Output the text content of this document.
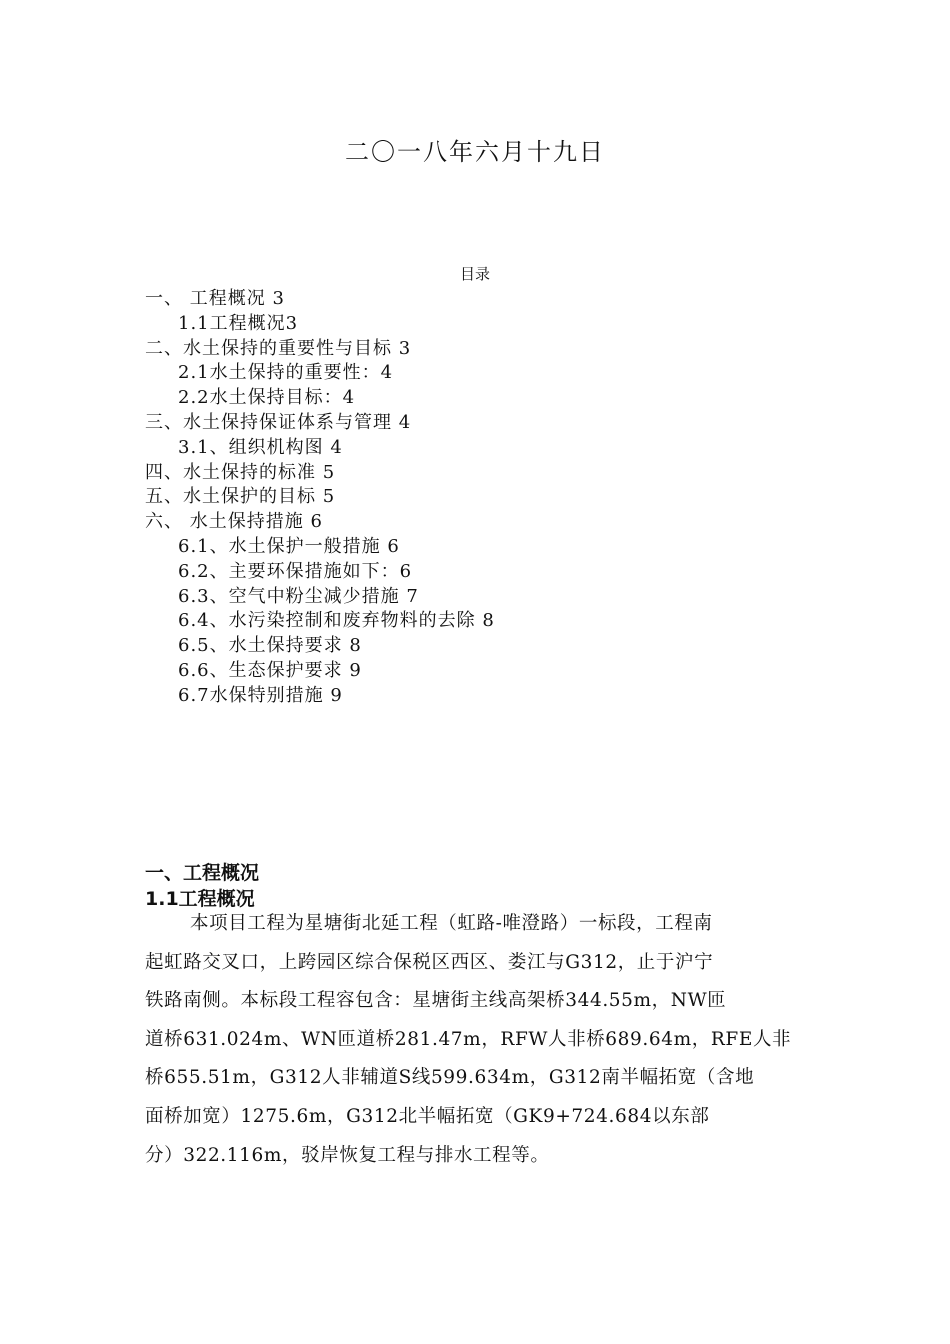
二〇一八年六月十九日
目录
一、 工程概况 3
1.1工程概况3
二、水土保持的重要性与目标 3
2.1水土保持的重要性：4
2.2水土保持目标：4
三、水土保持保证体系与管理 4
3.1、组织机构图 4
四、水土保持的标准 5
五、水土保护的目标 5
六、 水土保持措施 6
6.1、水土保护一般措施 6
6.2、主要环保措施如下：6
6.3、空气中粉尘减少措施 7
6.4、水污染控制和废弃物料的去除 8
6.5、水土保持要求 8
6.6、生态保护要求 9
6.7水保特别措施 9
一、工程概况
1.1工程概况
本项目工程为星塘街北延工程（虹路-唯澄路）一标段，工程南
起虹路交叉口，上跨园区综合保税区西区、娄江与G312，止于沪宁
铁路南侧。本标段工程容包含：星塘街主线高架桥344.55m，NW匝
道桥631.024m、WN匝道桥281.47m，RFW人非桥689.64m，RFE人非
桥655.51m，G312人非辅道S线599.634m，G312南半幅拓宽（含地
面桥加宽）1275.6m，G312北半幅拓宽（GK9+724.684以东部
分）322.116m，驳岸恢复工程与排水工程等。
